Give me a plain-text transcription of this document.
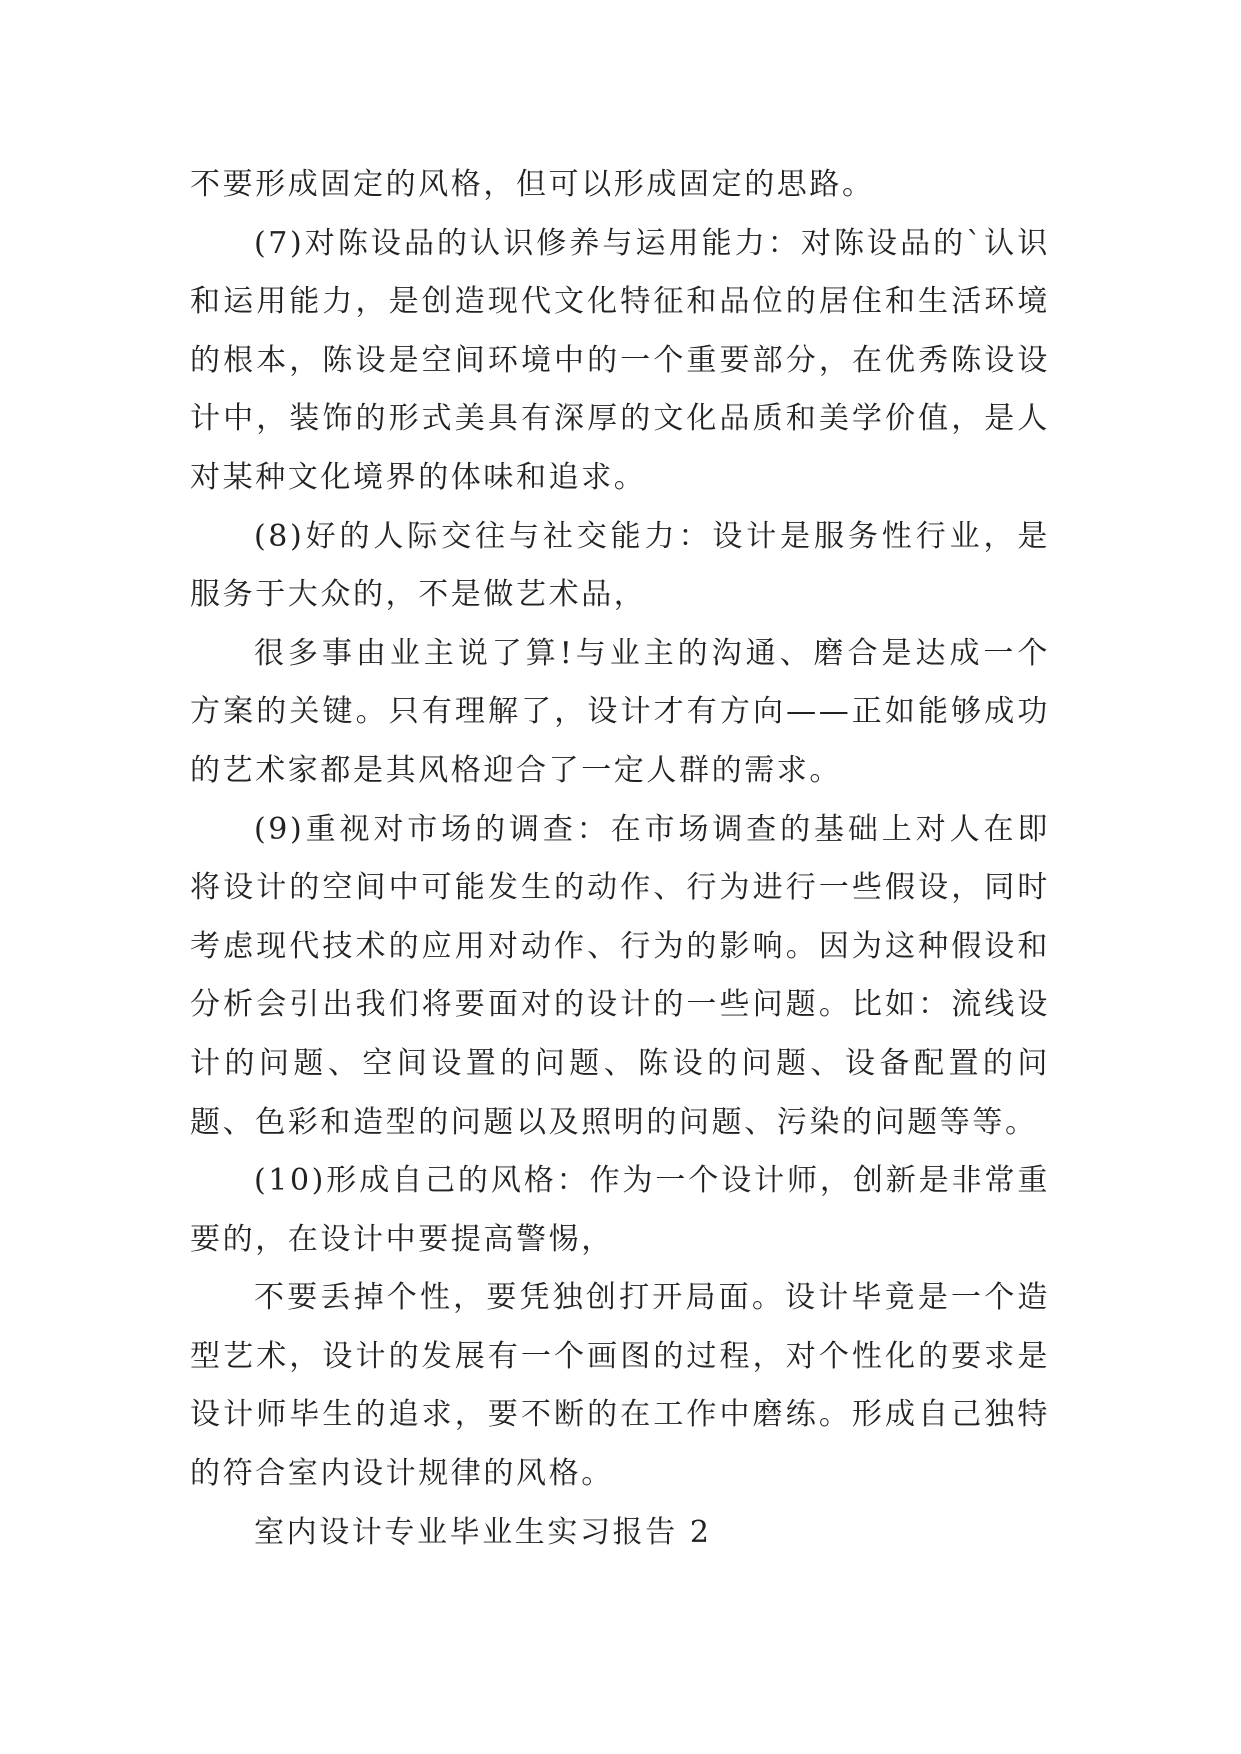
不要形成固定的风格，但可以形成固定的思路。

(7)对陈设品的认识修养与运用能力：对陈设品的`认识和运用能力，是创造现代文化特征和品位的居住和生活环境的根本，陈设是空间环境中的一个重要部分，在优秀陈设设计中，装饰的形式美具有深厚的文化品质和美学价值，是人对某种文化境界的体味和追求。

(8)好的人际交往与社交能力：设计是服务性行业，是服务于大众的，不是做艺术品，

很多事由业主说了算!与业主的沟通、磨合是达成一个方案的关键。只有理解了，设计才有方向——正如能够成功的艺术家都是其风格迎合了一定人群的需求。

(9)重视对市场的调查：在市场调查的基础上对人在即将设计的空间中可能发生的动作、行为进行一些假设，同时考虑现代技术的应用对动作、行为的影响。因为这种假设和分析会引出我们将要面对的设计的一些问题。比如：流线设计的问题、空间设置的问题、陈设的问题、设备配置的问题、色彩和造型的问题以及照明的问题、污染的问题等等。

(10)形成自己的风格：作为一个设计师，创新是非常重要的，在设计中要提高警惕，

不要丢掉个性，要凭独创打开局面。设计毕竟是一个造型艺术，设计的发展有一个画图的过程，对个性化的要求是设计师毕生的追求，要不断的在工作中磨练。形成自己独特的符合室内设计规律的风格。

室内设计专业毕业生实习报告 2
